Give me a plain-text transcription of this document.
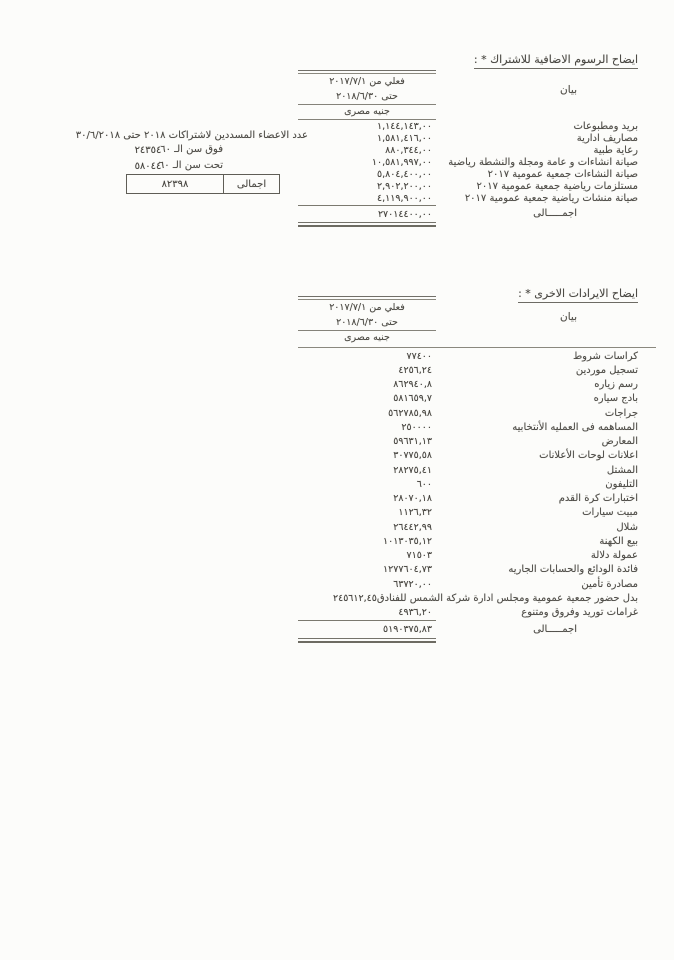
ايضاح الرسوم الاضافية للاشتراك * :
بيان
فعلي من ٢٠١٧/٧/١
حتى ٢٠١٨/٦/٣٠
جنيه مصرى
بريد ومطبوعات
١,١٤٤,١٤٣,٠٠
مصاريف ادارية
١,٥٨١,٤١٦,٠٠
رعاية طبية
٨٨٠,٣٤٤,٠٠
صيانة انشاءات و عامة ومجلة والنشطة رياضية
١٠,٥٨١,٩٩٧,٠٠
صيانة النشاءات جمعية عمومية ٢٠١٧
٥,٨٠٤,٤٠٠,٠٠
مستلزمات رياضية جمعية عمومية ٢٠١٧
٢,٩٠٢,٢٠٠,٠٠
صيانة منشات رياضية جمعية عمومية ٢٠١٧
٤,١١٩,٩٠٠,٠٠
اجمـــــالى
٢٧٠١٤٤٠٠,٠٠
عدد الاعضاء المسددين لاشتراكات ٢٠١٨ حتى ٣٠/٦/٢٠١٨
فوق سن الـ ٦٠
٢٤٣٥٤
تحت سن الـ ٦٠
٥٨٠٤٤
اجمالى
٨٢٣٩٨
ايضاح الايرادات الاخرى * :
بيان
فعلي من ٢٠١٧/٧/١
حتى ٢٠١٨/٦/٣٠
جنيه مصرى
كراسات شروط
٧٧٤٠٠
تسجيل موردين
٤٢٥٦,٢٤
رسم زياره
٨٦٢٩٤٠,٨
بادج سياره
٥٨١٦٥٩,٧
جراجات
٥٦٢٧٨٥,٩٨
المساهمه فى العمليه الأنتخابيه
٢٥٠٠٠٠
المعارض
٥٩٦٣١,١٣
اعلانات لوحات الأعلانات
٣٠٧٧٥,٥٨
المشتل
٢٨٢٧٥,٤١
التليفون
٦٠٠
اختبارات كرة القدم
٢٨٠٧٠,١٨
مبيت سيارات
١١٢٦,٣٢
شلال
٢٦٤٤٢,٩٩
بيع الكهنة
١٠١٣٠٣٥,١٢
عمولة دلالة
٧١٥٠٣
فائدة الودائع والحسابات الجاريه
١٢٧٧٦٠٤,٧٣
مصادرة تأمين
٦٣٧٢٠,٠٠
بدل حضور جمعية عمومية ومجلس ادارة شركة الشمس للفنادق
٢٤٥٦١٢,٤٥
غرامات توريد وفروق ومتنوع
٤٩٣٦,٢٠
اجمـــــالى
٥١٩٠٣٧٥,٨٣
